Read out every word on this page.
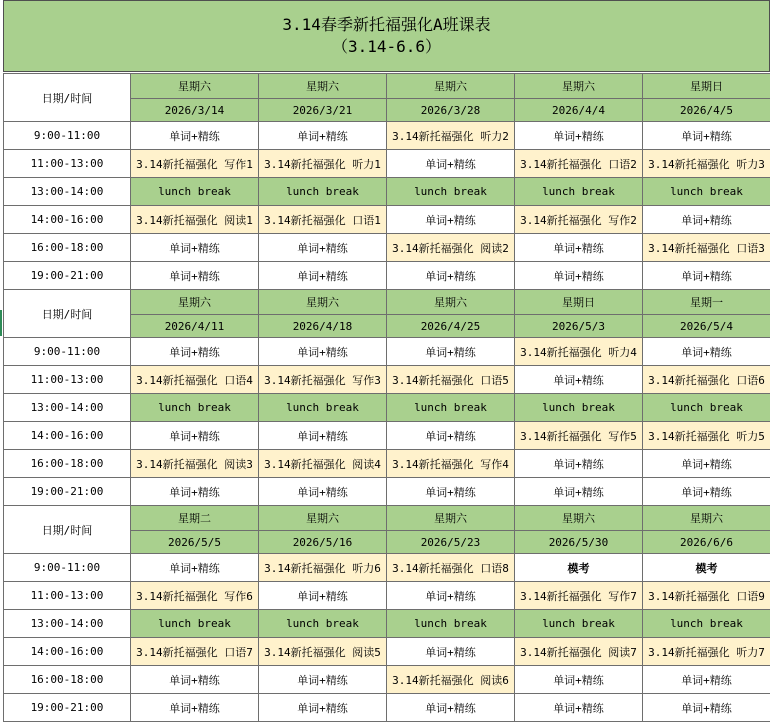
3.14春季新托福强化A班课表
（3.14-6.6）
日期/时间	星期六	星期六	星期六	星期六	星期日
	2026/3/14	2026/3/21	2026/3/28	2026/4/4	2026/4/5
9:00-11:00	单词+精练	单词+精练	3.14新托福强化 听力2	单词+精练	单词+精练
11:00-13:00	3.14新托福强化 写作1	3.14新托福强化 听力1	单词+精练	3.14新托福强化 口语2	3.14新托福强化 听力3
13:00-14:00	lunch break	lunch break	lunch break	lunch break	lunch break
14:00-16:00	3.14新托福强化 阅读1	3.14新托福强化 口语1	单词+精练	3.14新托福强化 写作2	单词+精练
16:00-18:00	单词+精练	单词+精练	3.14新托福强化 阅读2	单词+精练	3.14新托福强化 口语3
19:00-21:00	单词+精练	单词+精练	单词+精练	单词+精练	单词+精练
日期/时间	星期六	星期六	星期六	星期日	星期一
	2026/4/11	2026/4/18	2026/4/25	2026/5/3	2026/5/4
9:00-11:00	单词+精练	单词+精练	单词+精练	3.14新托福强化 听力4	单词+精练
11:00-13:00	3.14新托福强化 口语4	3.14新托福强化 写作3	3.14新托福强化 口语5	单词+精练	3.14新托福强化 口语6
13:00-14:00	lunch break	lunch break	lunch break	lunch break	lunch break
14:00-16:00	单词+精练	单词+精练	单词+精练	3.14新托福强化 写作5	3.14新托福强化 听力5
16:00-18:00	3.14新托福强化 阅读3	3.14新托福强化 阅读4	3.14新托福强化 写作4	单词+精练	单词+精练
19:00-21:00	单词+精练	单词+精练	单词+精练	单词+精练	单词+精练
日期/时间	星期二	星期六	星期六	星期六	星期六
	2026/5/5	2026/5/16	2026/5/23	2026/5/30	2026/6/6
9:00-11:00	单词+精练	3.14新托福强化 听力6	3.14新托福强化 口语8	模考	模考
11:00-13:00	3.14新托福强化 写作6	单词+精练	单词+精练	3.14新托福强化 写作7	3.14新托福强化 口语9
13:00-14:00	lunch break	lunch break	lunch break	lunch break	lunch break
14:00-16:00	3.14新托福强化 口语7	3.14新托福强化 阅读5	单词+精练	3.14新托福强化 阅读7	3.14新托福强化 听力7
16:00-18:00	单词+精练	单词+精练	3.14新托福强化 阅读6	单词+精练	单词+精练
19:00-21:00	单词+精练	单词+精练	单词+精练	单词+精练	单词+精练
